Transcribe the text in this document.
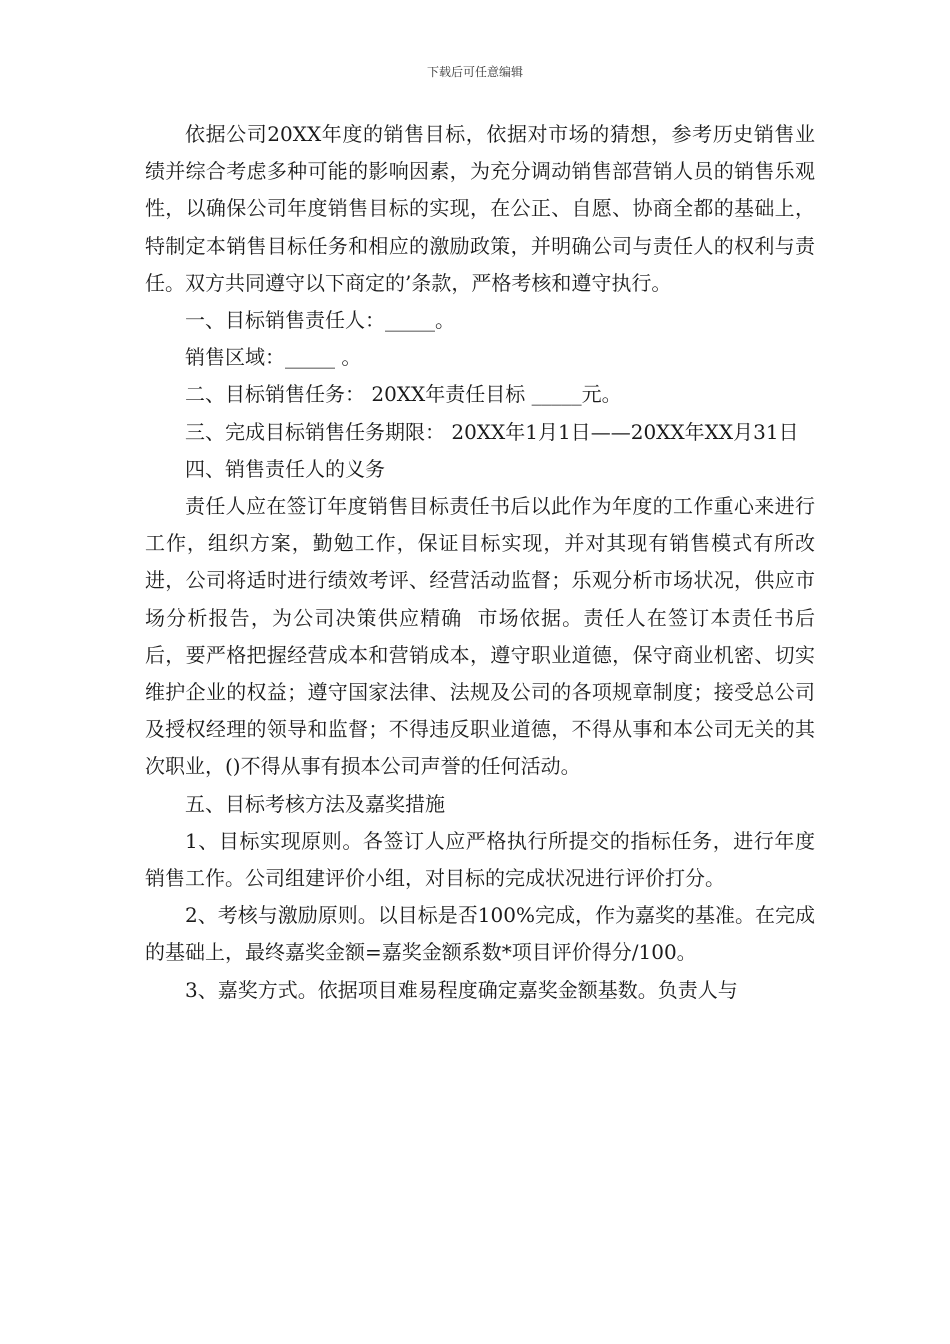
下载后可任意编辑

依据公司20XX年度的销售目标，依据对市场的猜想，参考历史销售业绩并综合考虑多种可能的影响因素，为充分调动销售部营销人员的销售乐观性，以确保公司年度销售目标的实现，在公正、自愿、协商全都的基础上，特制定本销售目标任务和相应的激励政策，并明确公司与责任人的权利与责任。双方共同遵守以下商定的’条款，严格考核和遵守执行。

一、目标销售责任人：_____。

销售区域：_____ 。

二、目标销售任务： 20XX年责任目标 _____元。

三、完成目标销售任务期限： 20XX年1月1日——20XX年XX月31日

四、销售责任人的义务

责任人应在签订年度销售目标责任书后以此作为年度的工作重心来进行工作，组织方案，勤勉工作，保证目标实现，并对其现有销售模式有所改进，公司将适时进行绩效考评、经营活动监督；乐观分析市场状况，供应市场分析报告，为公司决策供应精确  市场依据。责任人在签订本责任书后后，要严格把握经营成本和营销成本，遵守职业道德，保守商业机密、切实维护企业的权益；遵守国家法律、法规及公司的各项规章制度；接受总公司及授权经理的领导和监督；不得违反职业道德，不得从事和本公司无关的其次职业，()不得从事有损本公司声誉的任何活动。

五、目标考核方法及嘉奖措施

1、目标实现原则。各签订人应严格执行所提交的指标任务，进行年度销售工作。公司组建评价小组，对目标的完成状况进行评价打分。

2、考核与激励原则。以目标是否100%完成，作为嘉奖的基准。在完成的基础上，最终嘉奖金额=嘉奖金额系数*项目评价得分/100。

3、嘉奖方式。依据项目难易程度确定嘉奖金额基数。负责人与
